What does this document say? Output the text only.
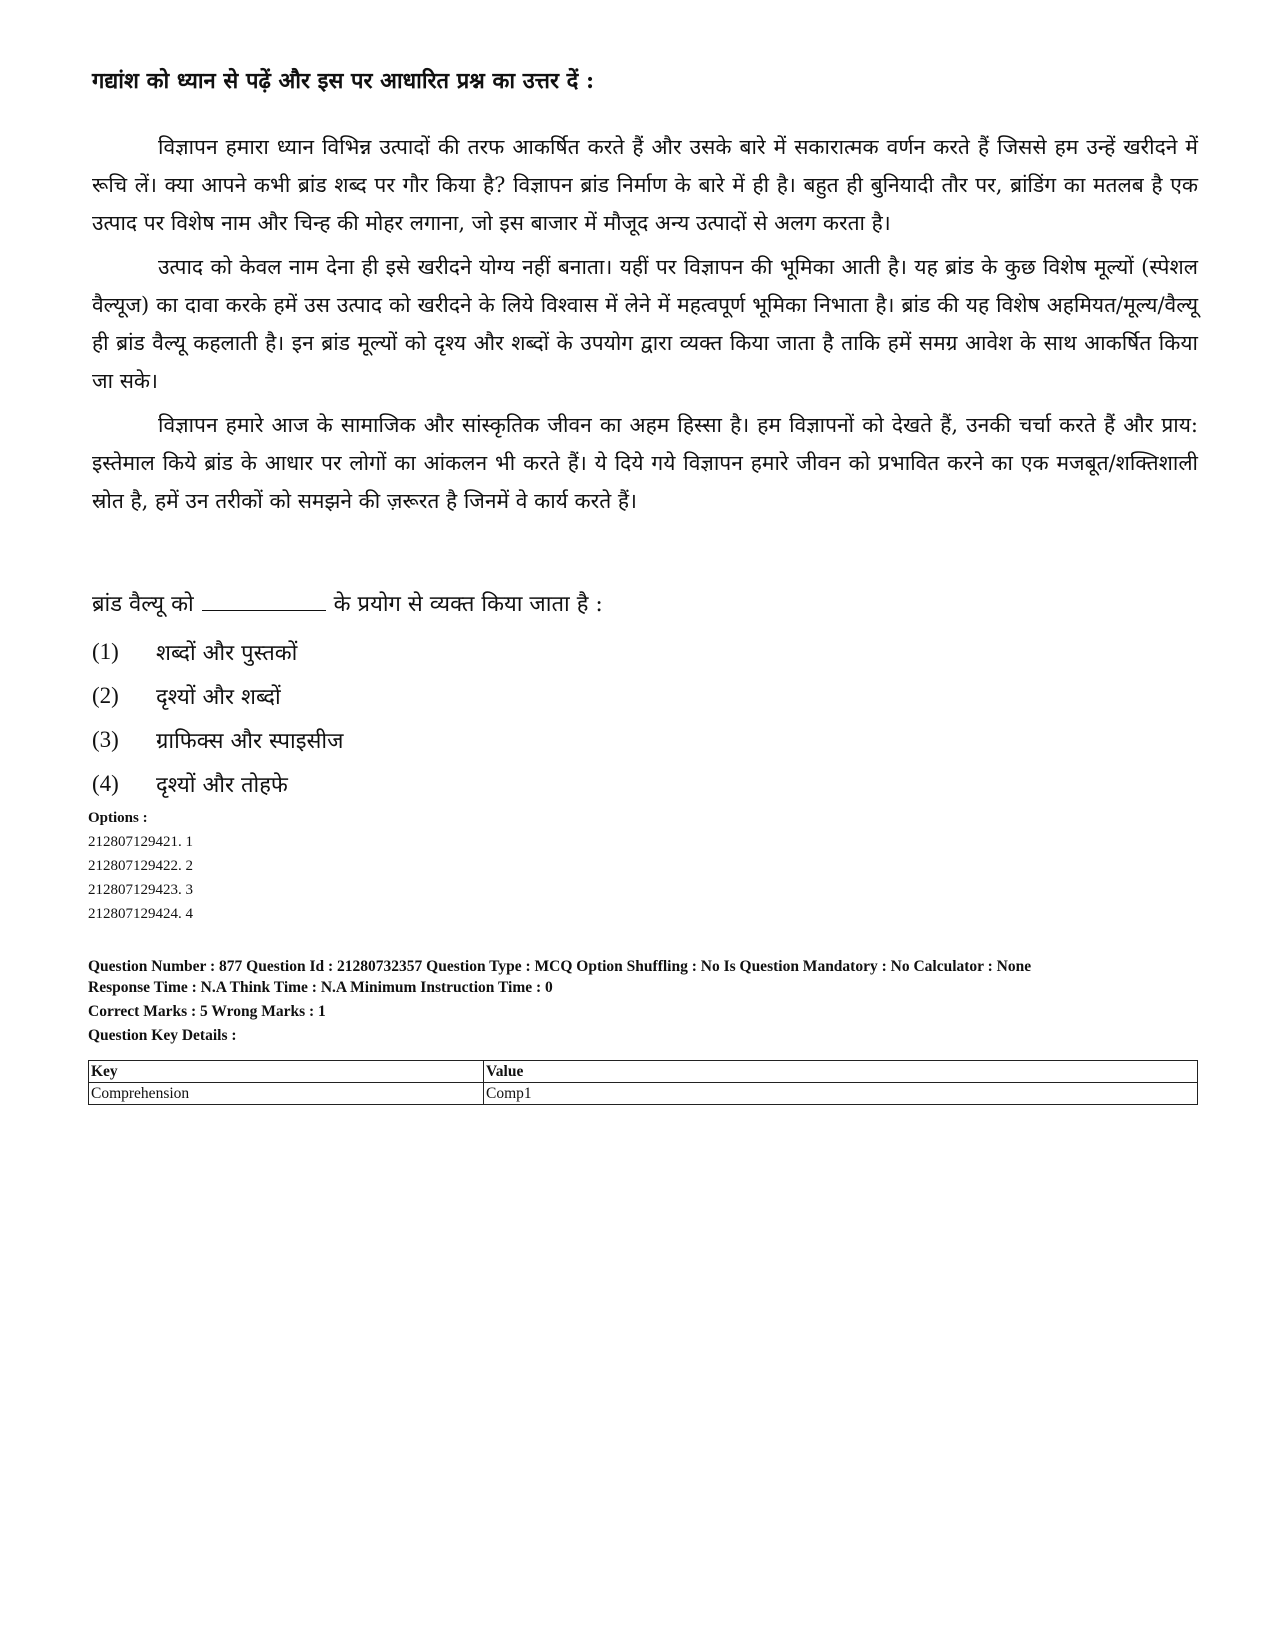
गद्यांश को ध्यान से पढ़ें और इस पर आधारित प्रश्न का उत्तर दें :

विज्ञापन हमारा ध्यान विभिन्न उत्पादों की तरफ आकर्षित करते हैं और उसके बारे में सकारात्मक वर्णन करते हैं जिससे हम उन्हें खरीदने में रूचि लें। क्या आपने कभी ब्रांड शब्द पर गौर किया है? विज्ञापन ब्रांड निर्माण के बारे में ही है। बहुत ही बुनियादी तौर पर, ब्रांडिंग का मतलब है एक उत्पाद पर विशेष नाम और चिन्ह की मोहर लगाना, जो इस बाजार में मौजूद अन्य उत्पादों से अलग करता है।

उत्पाद को केवल नाम देना ही इसे खरीदने योग्य नहीं बनाता। यहीं पर विज्ञापन की भूमिका आती है। यह ब्रांड के कुछ विशेष मूल्यों (स्पेशल वैल्यूज) का दावा करके हमें उस उत्पाद को खरीदने के लिये विश्वास में लेने में महत्वपूर्ण भूमिका निभाता है। ब्रांड की यह विशेष अहमियत/मूल्य/वैल्यू ही ब्रांड वैल्यू कहलाती है। इन ब्रांड मूल्यों को दृश्य और शब्दों के उपयोग द्वारा व्यक्त किया जाता है ताकि हमें समग्र आवेश के साथ आकर्षित किया जा सके।

विज्ञापन हमारे आज के सामाजिक और सांस्कृतिक जीवन का अहम हिस्सा है। हम विज्ञापनों को देखते हैं, उनकी चर्चा करते हैं और प्राय: इस्तेमाल किये ब्रांड के आधार पर लोगों का आंकलन भी करते हैं। ये दिये गये विज्ञापन हमारे जीवन को प्रभावित करने का एक मजबूत/शक्तिशाली स्रोत है, हमें उन तरीकों को समझने की ज़रूरत है जिनमें वे कार्य करते हैं।

ब्रांड वैल्यू को	के प्रयोग से व्यक्त किया जाता है :
(1)	शब्दों और पुस्तकों
(2)	दृश्यों और शब्दों
(3)	ग्राफिक्स और स्पाइसीज
(4)	दृश्यों और तोहफे
Options :
212807129421. 1
212807129422. 2
212807129423. 3
212807129424. 4
Question Number : 877 Question Id : 21280732357 Question Type : MCQ Option Shuffling : No Is Question Mandatory : No Calculator : None
Response Time : N.A Think Time : N.A Minimum Instruction Time : 0
Correct Marks : 5 Wrong Marks : 1
Question Key Details :
Key	Value
Comprehension	Comp1
